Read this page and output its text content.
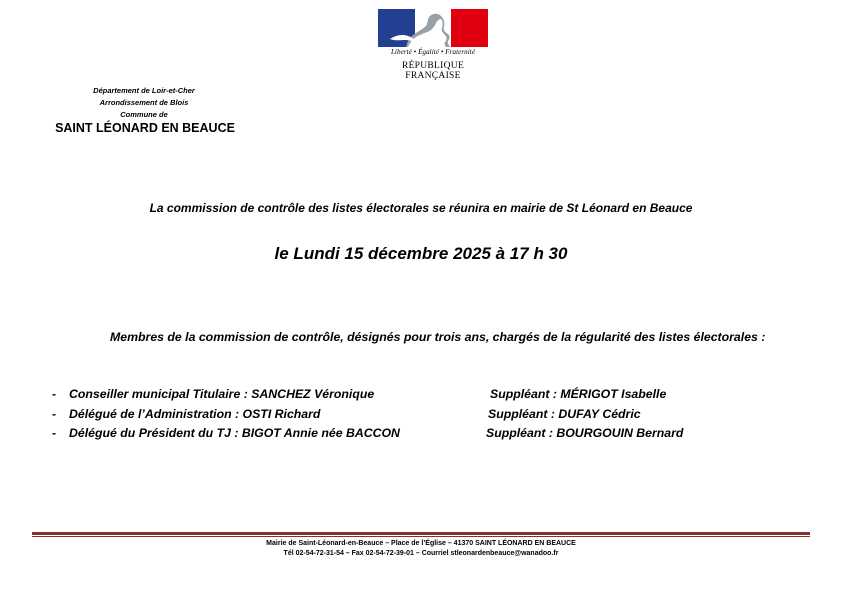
Liberté • Égalité • Fraternité
RÉPUBLIQUE FRANÇAISE
Département de Loir-et-Cher
Arrondissement de Blois
Commune de
SAINT LÉONARD EN BEAUCE
La commission de contrôle des listes électorales se réunira en mairie de St Léonard en Beauce
le Lundi 15 décembre 2025 à 17 h 30
Membres de la commission de contrôle, désignés pour trois ans, chargés de la régularité des listes électorales :
- Conseiller municipal Titulaire : SANCHEZ Véronique	Suppléant : MÉRIGOT Isabelle
- Délégué de l’Administration : OSTI Richard	Suppléant : DUFAY Cédric
- Délégué du Président du TJ : BIGOT Annie née BACCON	Suppléant : BOURGOUIN Bernard
Mairie de Saint-Léonard-en-Beauce – Place de l’Église – 41370 SAINT LÉONARD EN BEAUCE
Tél 02-54-72-31-54 – Fax 02-54-72-39-01 – Courriel stleonardenbeauce@wanadoo.fr
